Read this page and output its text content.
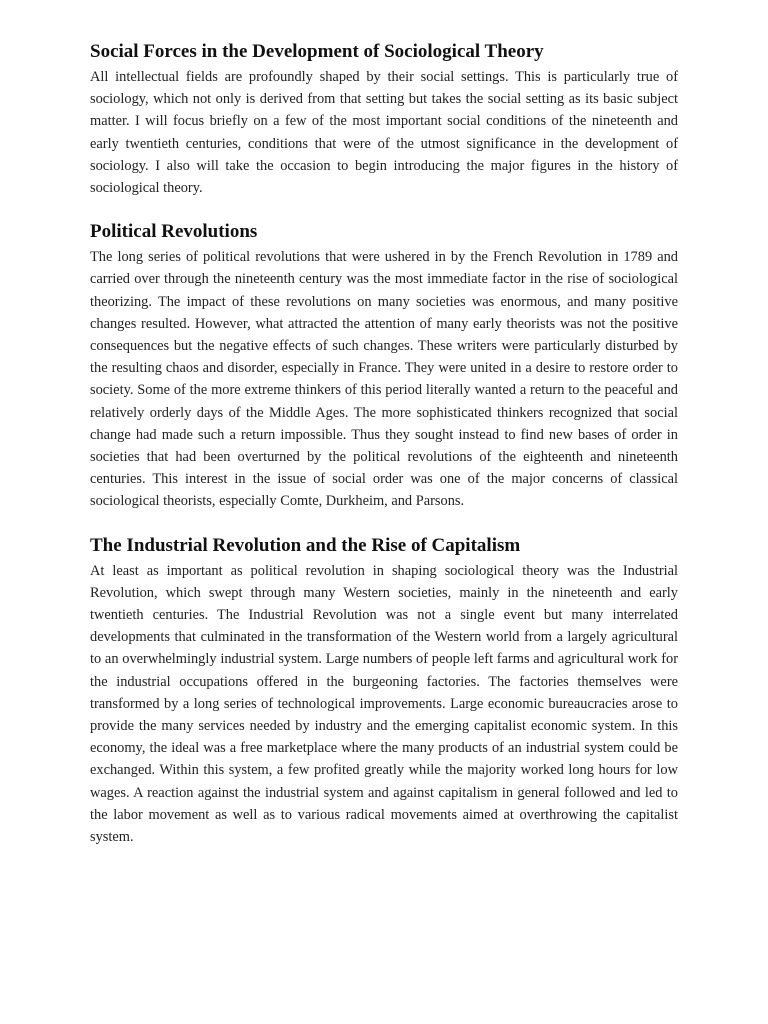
Social Forces in the Development of Sociological Theory

All intellectual fields are profoundly shaped by their social settings. This is particularly true of sociology, which not only is derived from that setting but takes the social setting as its basic subject matter. I will focus briefly on a few of the most important social conditions of the nineteenth and early twentieth centuries, conditions that were of the utmost significance in the development of sociology. I also will take the occasion to begin introducing the major figures in the history of sociological theory.

Political Revolutions

The long series of political revolutions that were ushered in by the French Revolution in 1789 and carried over through the nineteenth century was the most immediate factor in the rise of sociological theorizing. The impact of these revolutions on many societies was enormous, and many positive changes resulted. However, what attracted the attention of many early theorists was not the positive consequences but the negative effects of such changes. These writers were particularly disturbed by the resulting chaos and disorder, especially in France. They were united in a desire to restore order to society. Some of the more extreme thinkers of this period literally wanted a return to the peaceful and relatively orderly days of the Middle Ages. The more sophisticated thinkers recognized that social change had made such a return impossible. Thus they sought instead to find new bases of order in societies that had been overturned by the political revolutions of the eighteenth and nineteenth centuries. This interest in the issue of social order was one of the major concerns of classical sociological theorists, especially Comte, Durkheim, and Parsons.

The Industrial Revolution and the Rise of Capitalism

At least as important as political revolution in shaping sociological theory was the Industrial Revolution, which swept through many Western societies, mainly in the nineteenth and early twentieth centuries. The Industrial Revolution was not a single event but many interrelated developments that culminated in the transformation of the Western world from a largely agricultural to an overwhelmingly industrial system. Large numbers of people left farms and agricultural work for the industrial occupations offered in the burgeoning factories. The factories themselves were transformed by a long series of technological improvements. Large economic bureaucracies arose to provide the many services needed by industry and the emerging capitalist economic system. In this economy, the ideal was a free marketplace where the many products of an industrial system could be exchanged. Within this system, a few profited greatly while the majority worked long hours for low wages. A reaction against the industrial system and against capitalism in general followed and led to the labor movement as well as to various radical movements aimed at overthrowing the capitalist system.
